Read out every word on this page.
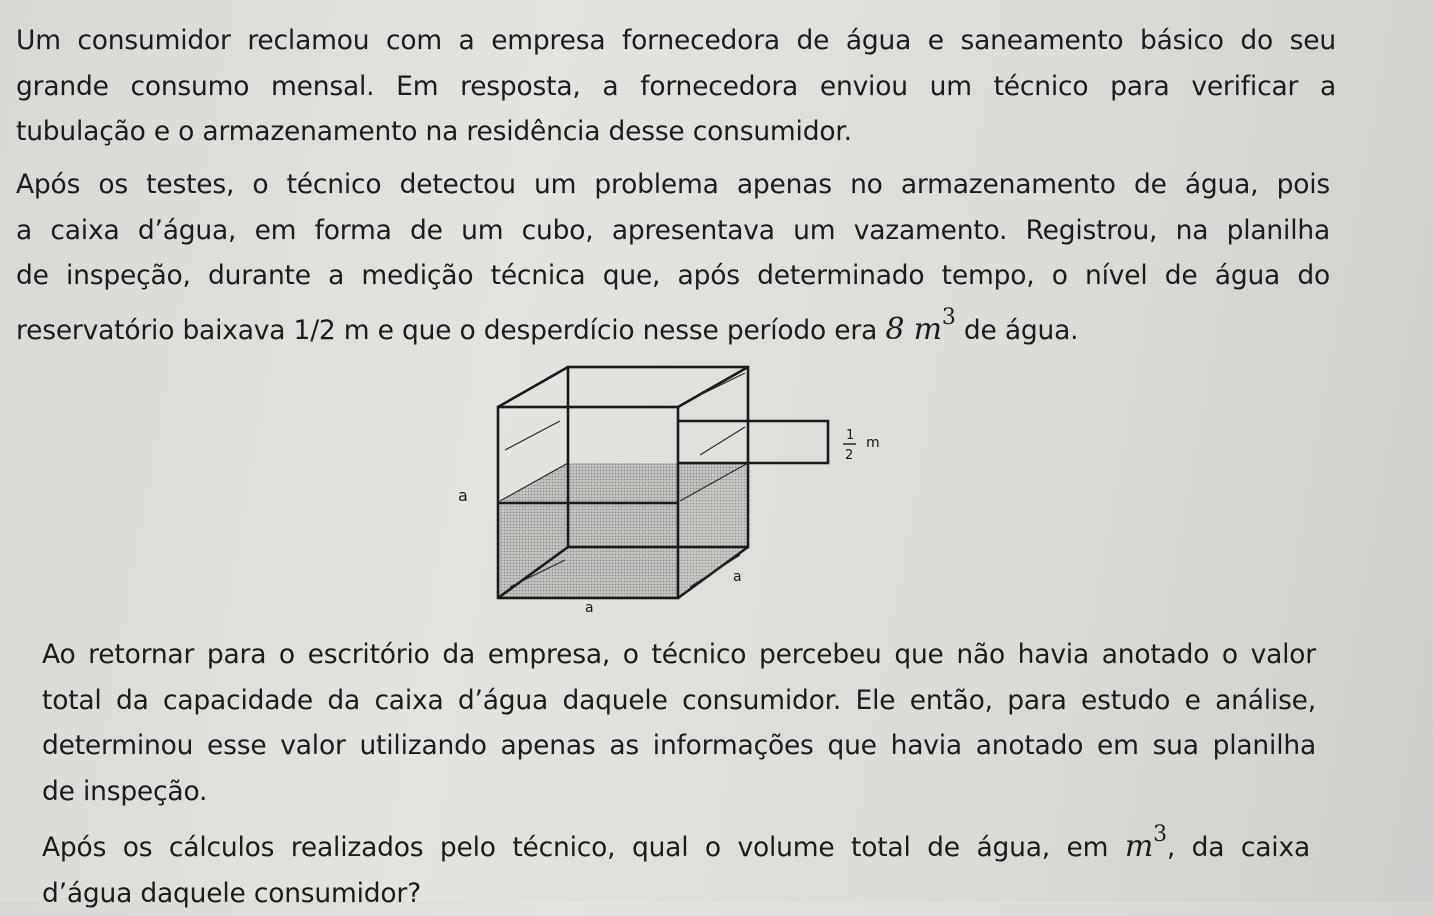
Um consumidor reclamou com a empresa fornecedora de água e saneamento básico do seu
grande consumo mensal. Em resposta, a fornecedora enviou um técnico para verificar a
tubulação e o armazenamento na residência desse consumidor.
Após os testes, o técnico detectou um problema apenas no armazenamento de água, pois
a caixa d’água, em forma de um cubo, apresentava um vazamento. Registrou, na planilha
de inspeção, durante a medição técnica que, após determinado tempo, o nível de água do
reservatório baixava 1/2 m e que o desperdício nesse período era 8 $m^3$ de água.
a
a
a
1
2
m
Ao retornar para o escritório da empresa, o técnico percebeu que não havia anotado o valor
total da capacidade da caixa d’água daquele consumidor. Ele então, para estudo e análise,
determinou esse valor utilizando apenas as informações que havia anotado em sua planilha
de inspeção.
Após os cálculos realizados pelo técnico, qual o volume total de água, em $m^3$, da caixa
d’água daquele consumidor?
